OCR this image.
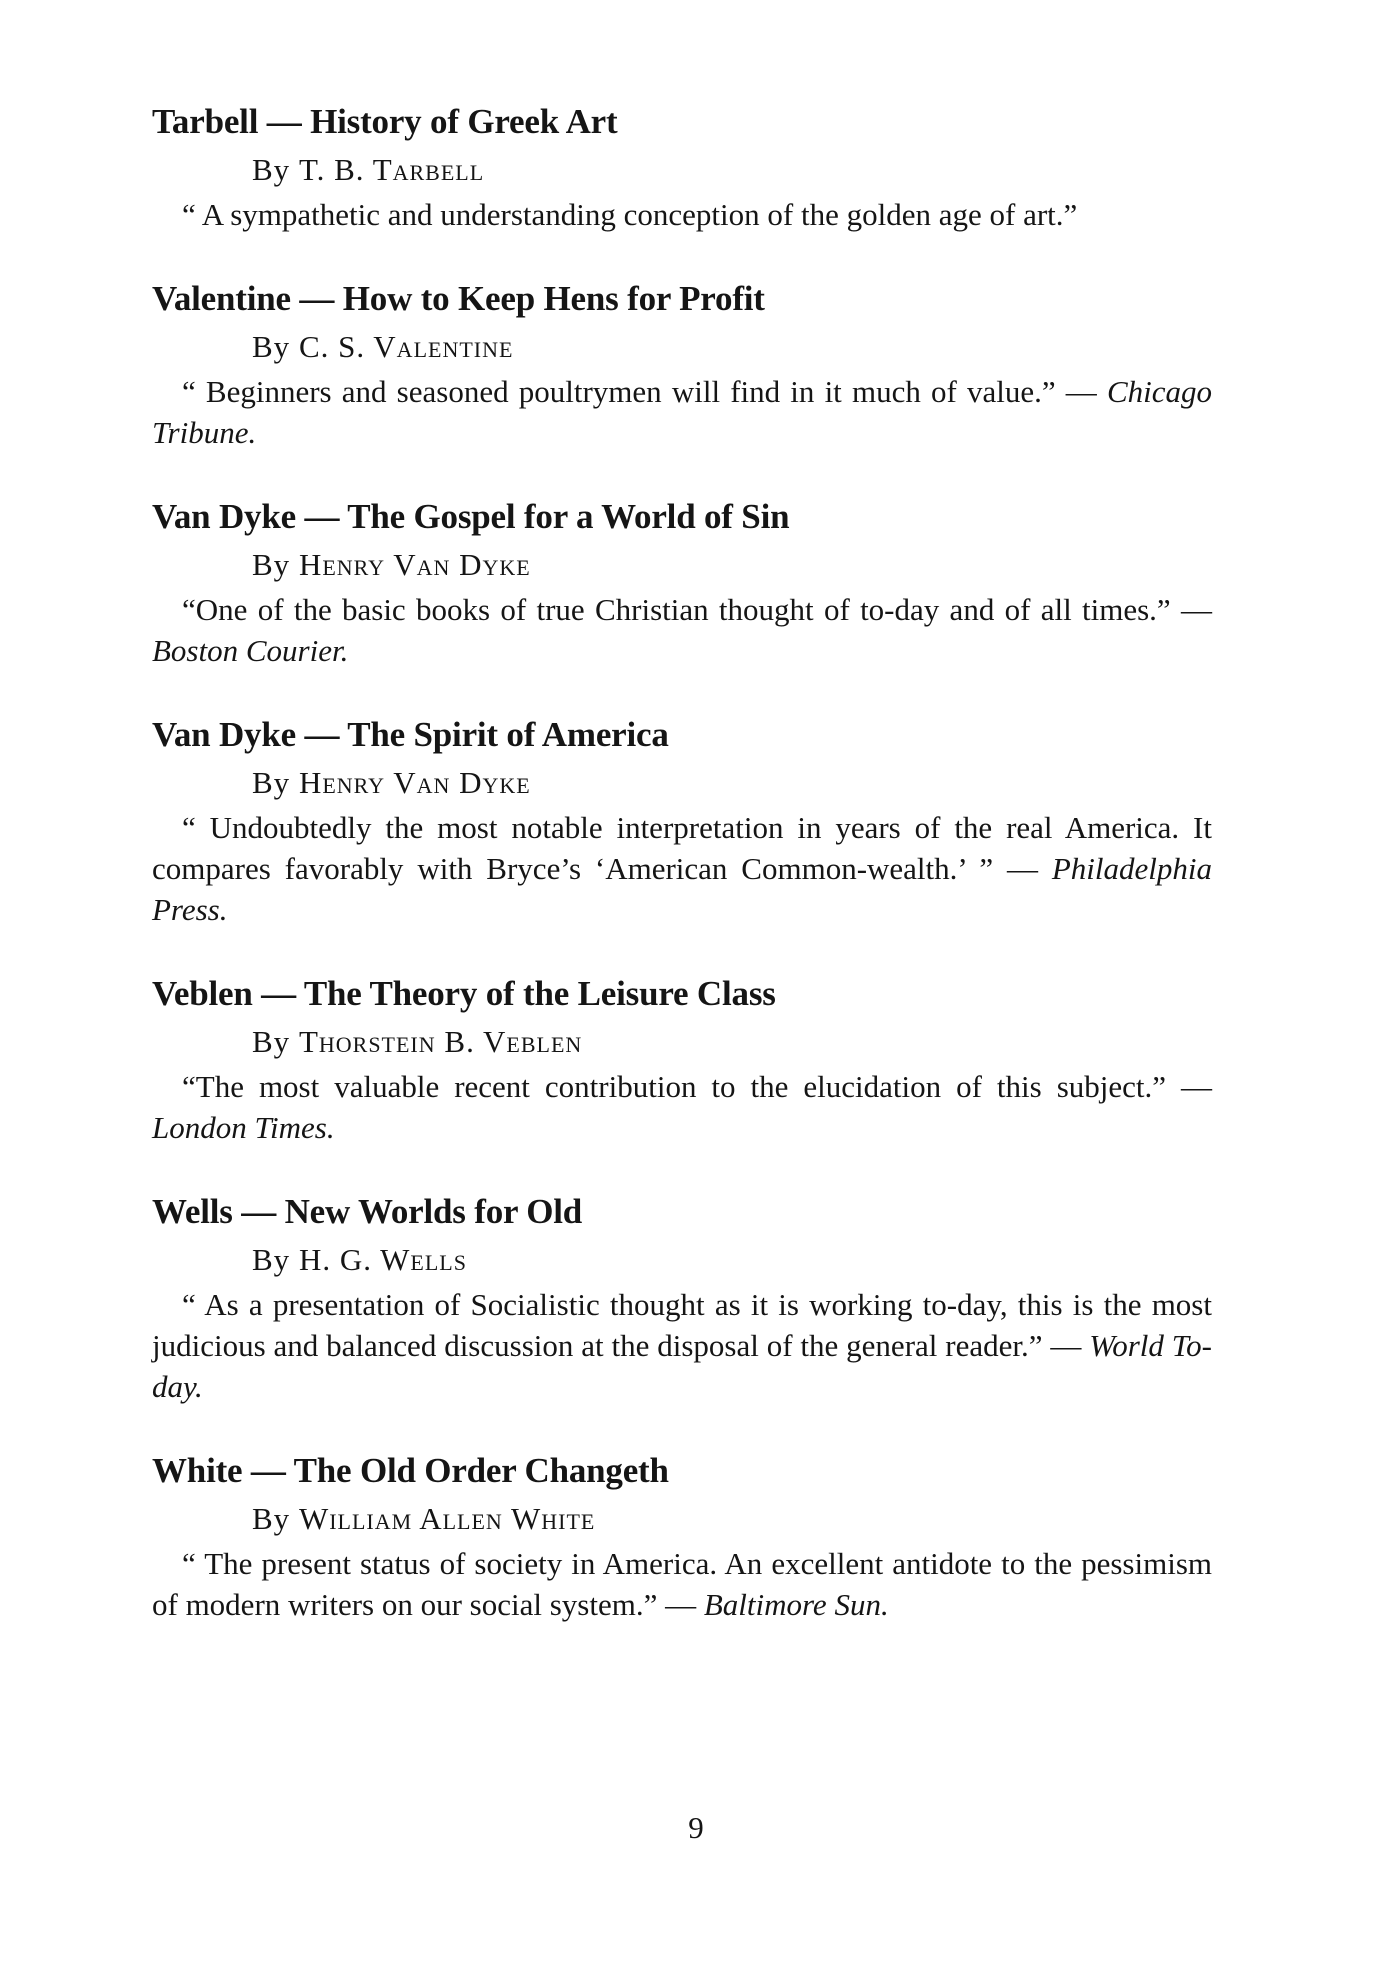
Tarbell — History of Greek Art

By T. B. Tarbell

“ A sympathetic and understanding conception of the golden age of art.”

Valentine — How to Keep Hens for Profit

By C. S. Valentine

“ Beginners and seasoned poultrymen will find in it much of value.” — Chicago Tribune.

Van Dyke — The Gospel for a World of Sin

By Henry Van Dyke

“One of the basic books of true Christian thought of to-day and of all times.” — Boston Courier.

Van Dyke — The Spirit of America

By Henry Van Dyke

“ Undoubtedly the most notable interpretation in years of the real America. It compares favorably with Bryce’s ‘American Common-wealth.’ ” — Philadelphia Press.

Veblen — The Theory of the Leisure Class

By Thorstein B. Veblen

“The most valuable recent contribution to the elucidation of this subject.” — London Times.

Wells — New Worlds for Old

By H. G. Wells

“ As a presentation of Socialistic thought as it is working to-day, this is the most judicious and balanced discussion at the disposal of the general reader.” — World To-day.

White — The Old Order Changeth

By William Allen White

“ The present status of society in America. An excellent antidote to the pessimism of modern writers on our social system.” — Baltimore Sun.

9
